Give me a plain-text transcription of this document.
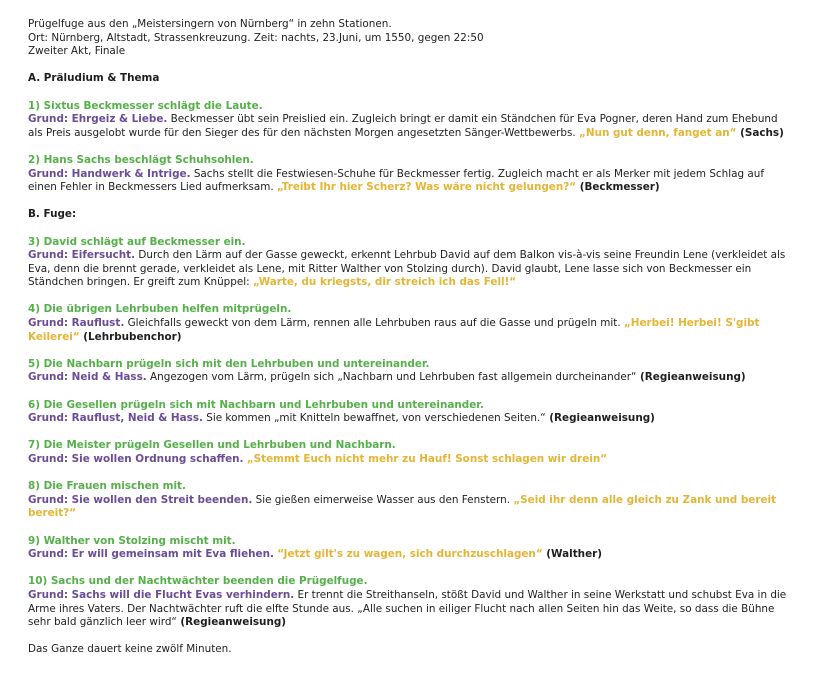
Prügelfuge aus den „Meistersingern von Nürnberg“ in zehn Stationen.
Ort: Nürnberg, Altstadt, Strassenkreuzung. Zeit: nachts, 23.Juni, um 1550, gegen 22:50
Zweiter Akt, Finale
A. Präludium & Thema
1) Sixtus Beckmesser schlägt die Laute.
Grund: Ehrgeiz & Liebe. Beckmesser übt sein Preislied ein. Zugleich bringt er damit ein Ständchen für Eva Pogner, deren Hand zum Ehebund als Preis ausgelobt wurde für den Sieger des für den nächsten Morgen angesetzten Sänger-Wettbewerbs. „Nun gut denn, fanget an“ (Sachs)
2) Hans Sachs beschlägt Schuhsohlen.
Grund: Handwerk & Intrige. Sachs stellt die Festwiesen-Schuhe für Beckmesser fertig. Zugleich macht er als Merker mit jedem Schlag auf einen Fehler in Beckmessers Lied aufmerksam. „Treibt Ihr hier Scherz? Was wäre nicht gelungen?“ (Beckmesser)
B. Fuge:
3) David schlägt auf Beckmesser ein.
Grund: Eifersucht. Durch den Lärm auf der Gasse geweckt, erkennt Lehrbub David auf dem Balkon vis-à-vis seine Freundin Lene (verkleidet als Eva, denn die brennt gerade, verkleidet als Lene, mit Ritter Walther von Stolzing durch). David glaubt, Lene lasse sich von Beckmesser ein Ständchen bringen. Er greift zum Knüppel: „Warte, du kriegsts, dir streich ich das Fell!“
4) Die übrigen Lehrbuben helfen mitprügeln.
Grund: Rauflust. Gleichfalls geweckt von dem Lärm, rennen alle Lehrbuben raus auf die Gasse und prügeln mit. „Herbei! Herbei! S'gibt Keilerei“ (Lehrbubenchor)
5) Die Nachbarn prügeln sich mit den Lehrbuben und untereinander.
Grund: Neid & Hass. Angezogen vom Lärm, prügeln sich „Nachbarn und Lehrbuben fast allgemein durcheinander“ (Regieanweisung)
6) Die Gesellen prügeln sich mit Nachbarn und Lehrbuben und untereinander.
Grund: Rauflust, Neid & Hass. Sie kommen „mit Knitteln bewaffnet, von verschiedenen Seiten.“ (Regieanweisung)
7) Die Meister prügeln Gesellen und Lehrbuben und Nachbarn.
Grund: Sie wollen Ordnung schaffen. „Stemmt Euch nicht mehr zu Hauf! Sonst schlagen wir drein“
8) Die Frauen mischen mit.
Grund: Sie wollen den Streit beenden. Sie gießen eimerweise Wasser aus den Fenstern. „Seid ihr denn alle gleich zu Zank und bereit bereit?“
9) Walther von Stolzing mischt mit.
Grund: Er will gemeinsam mit Eva fliehen. “Jetzt gilt's zu wagen, sich durchzuschlagen“ (Walther)
10) Sachs und der Nachtwächter beenden die Prügelfuge.
Grund: Sachs will die Flucht Evas verhindern. Er trennt die Streithanseln, stößt David und Walther in seine Werkstatt und schubst Eva in die Arme ihres Vaters. Der Nachtwächter ruft die elfte Stunde aus. „Alle suchen in eiliger Flucht nach allen Seiten hin das Weite, so dass die Bühne sehr bald gänzlich leer wird“ (Regieanweisung)
Das Ganze dauert keine zwölf Minuten.
